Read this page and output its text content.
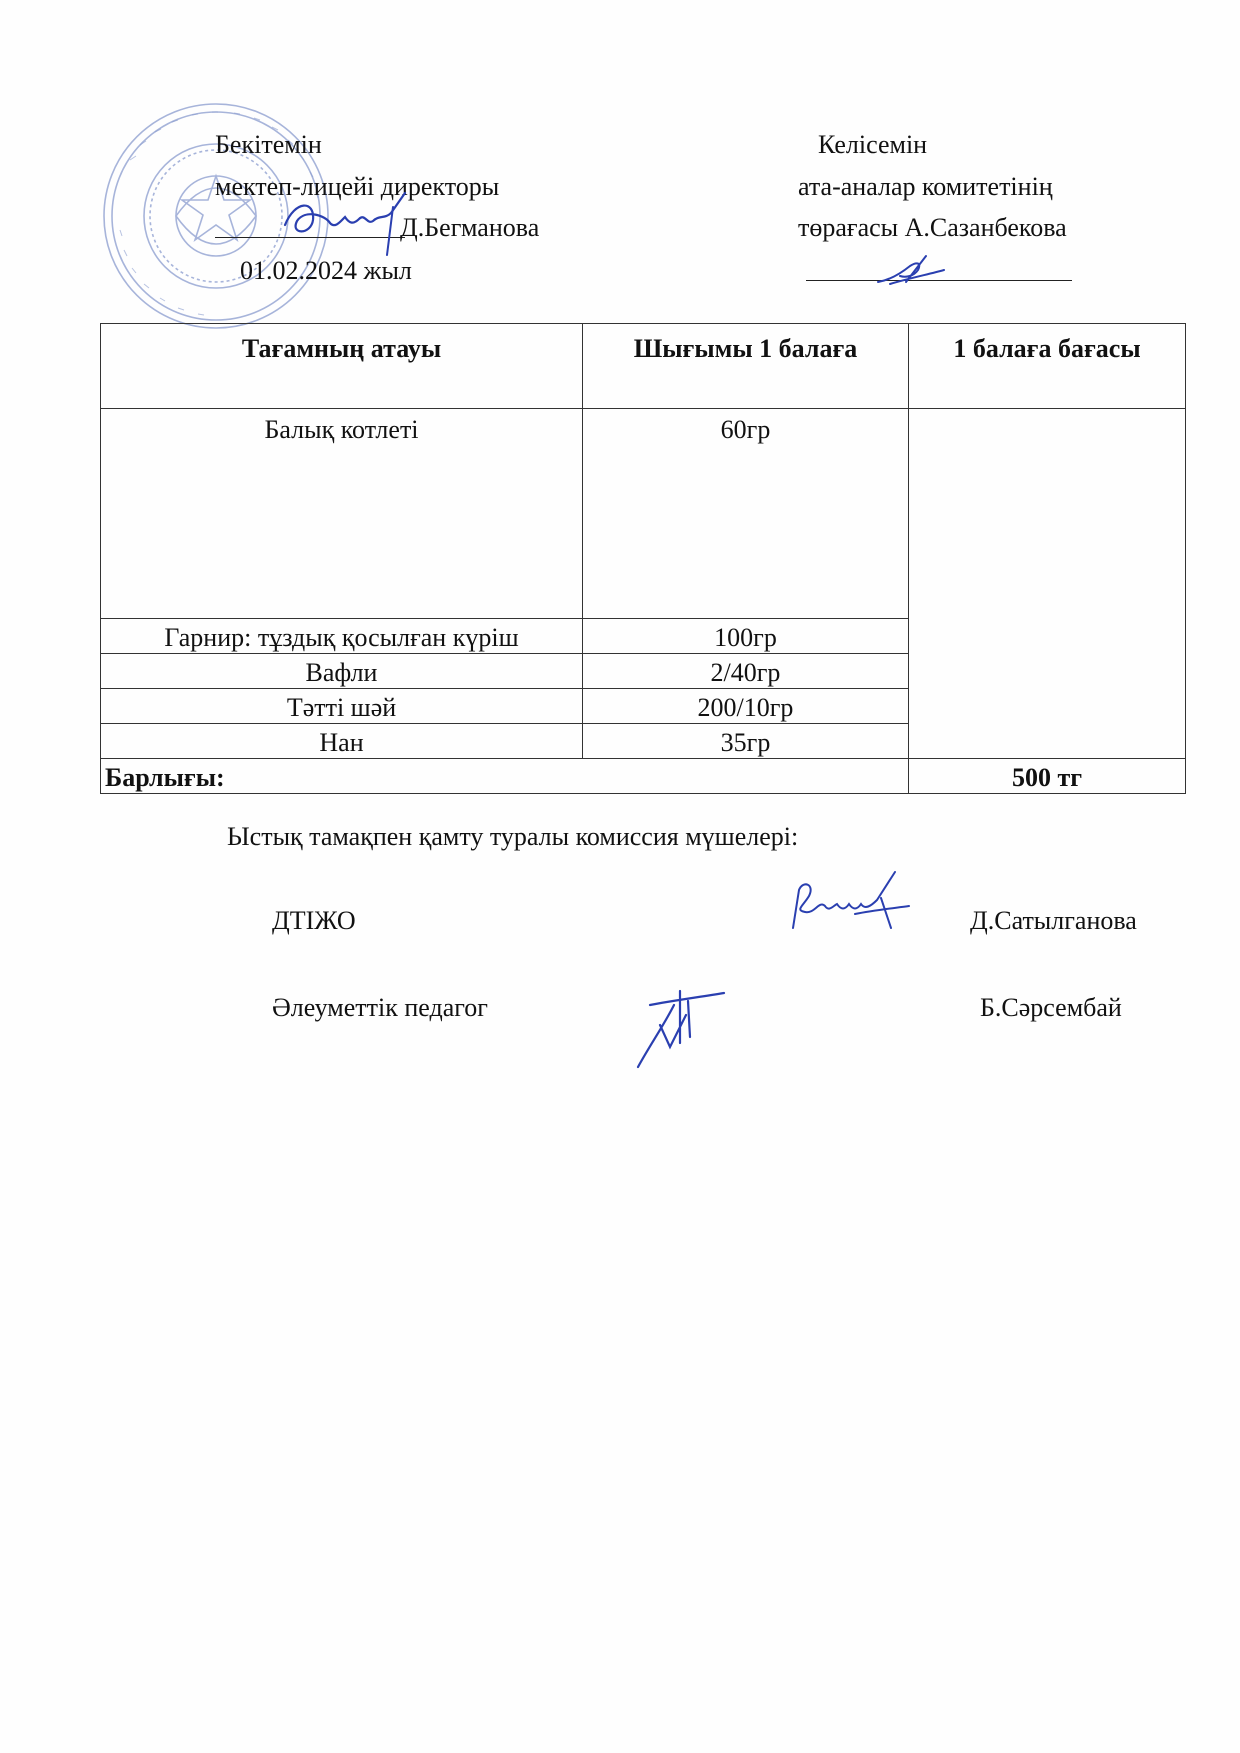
Бекітемін
мектеп-лицейі директоры
Д.Бегманова
01.02.2024 жыл
Келісемін
ата-аналар комитетінің
төрағасы А.Сазанбекова
Тағамның атауы	Шығымы 1 балаға	1 балаға бағасы

Балық котлеті	60гр	

Гарнир: тұздық қосылған күріш	100гр	

Вафли	2/40гр	

Тәтті шәй	200/10гр	

Нан	35гр	

Барлығы:		500 тг
Ыстық тамақпен қамту туралы комиссия мүшелері:
ДТІЖО	Д.Сатылганова
Әлеуметтік педагог	Б.Сәрсембай
